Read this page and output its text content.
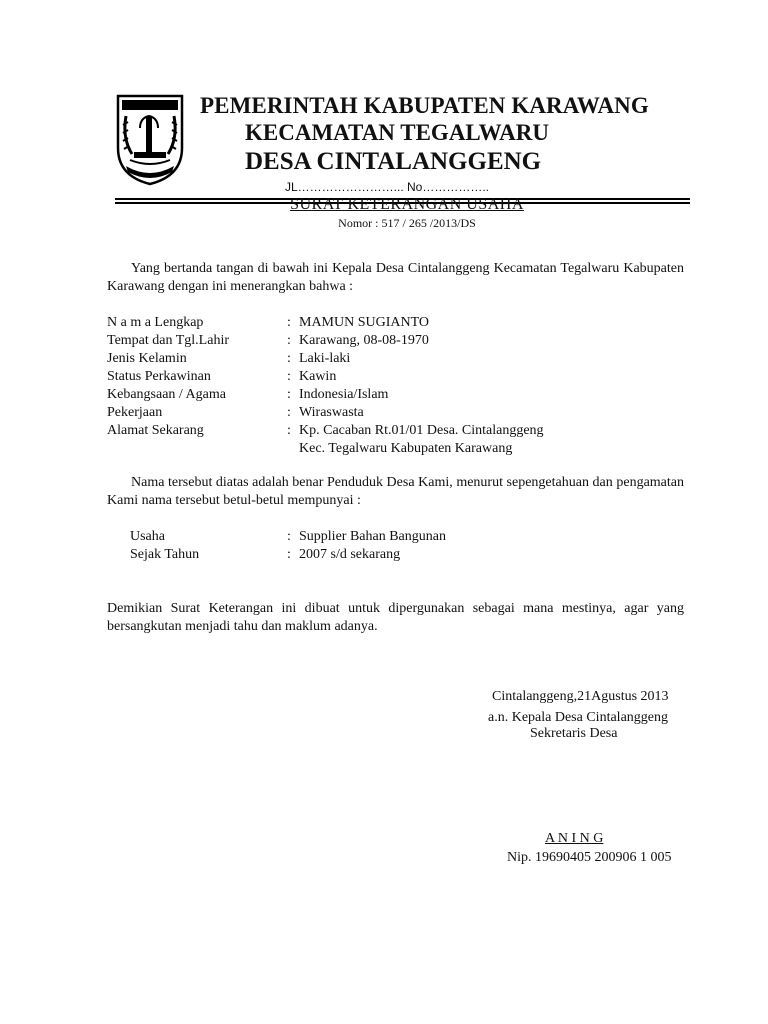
PEMERINTAH KABUPATEN KARAWANG
KECAMATAN TEGALWARU
DESA CINTALANGGENG
JL……………………... No……………..
SURAT KETERANGAN USAHA
Nomor : 517 / 265 /2013/DS
Yang bertanda tangan di bawah ini Kepala Desa Cintalanggeng Kecamatan Tegalwaru Kabupaten Karawang dengan ini menerangkan bahwa :
N a m a Lengkap	: MAMUN SUGIANTO
Tempat dan Tgl.Lahir	: Karawang, 08-08-1970
Jenis Kelamin	: Laki-laki
Status Perkawinan	: Kawin
Kebangsaan / Agama	: Indonesia/Islam
Pekerjaan	: Wiraswasta
Alamat Sekarang	: Kp. Cacaban Rt.01/01 Desa. Cintalanggeng
Kec. Tegalwaru Kabupaten Karawang
Nama tersebut diatas adalah benar Penduduk Desa Kami, menurut sepengetahuan dan pengamatan Kami nama tersebut betul-betul mempunyai :
Usaha	: Supplier Bahan Bangunan
Sejak Tahun	: 2007 s/d sekarang
Demikian Surat Keterangan ini dibuat untuk dipergunakan sebagai mana mestinya, agar yang bersangkutan menjadi tahu dan maklum adanya.
Cintalanggeng,21Agustus 2013
a.n. Kepala Desa Cintalanggeng
Sekretaris Desa
A N I N G
Nip. 19690405 200906 1 005
